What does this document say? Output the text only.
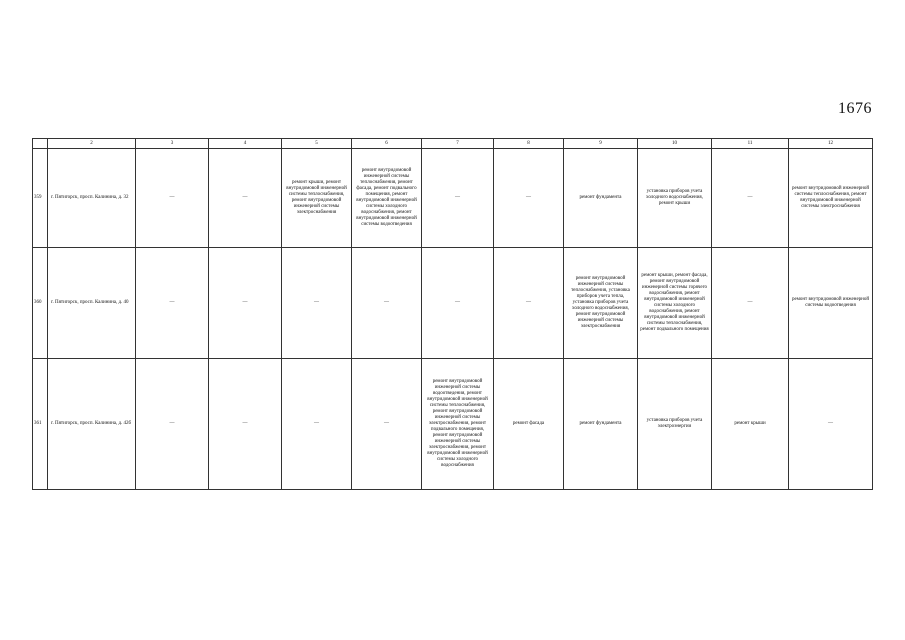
1676
	2	3	4	5	6	7	8	9	10	11	12
359	г. Пятигорск, просп. Калинина, д. 32	—	—	ремонт крыши, ремонт внутридомовой инженерной системы теплоснабжения, ремонт внутридомовой инженерной системы электроснабжения	ремонт внутридомовой инженерной системы теплоснабжения, ремонт фасада, ремонт подвального помещения, ремонт внутридомовой инженерной системы холодного водоснабжения, ремонт внутридомовой инженерной системы водоотведения	—	—	ремонт фундамента	установка приборов учета холодного водоснабжения, ремонт крыши	—	ремонт внутридомовой инженерной системы теплоснабжения, ремонт внутридомовой инженерной системы электроснабжения
360	г. Пятигорск, просп. Калинина, д. 40	—	—	—	—	—	—	ремонт внутридомовой инженерной системы теплоснабжения, установка приборов учета тепла, установка приборов учета холодного водоснабжения, ремонт внутридомовой инженерной системы электроснабжения	ремонт крыши, ремонт фасада, ремонт внутридомовой инженерной системы горячего водоснабжения, ремонт внутридомовой инженерной системы холодного водоснабжения, ремонт внутридомовой инженерной системы теплоснабжения, ремонт подвального помещения	—	ремонт внутридомовой инженерной системы водоотведения
361	г. Пятигорск, просп. Калинина, д. 42б	—	—	—	—	ремонт внутридомовой инженерной системы водоотведения, ремонт внутридомовой инженерной системы теплоснабжения, ремонт внутридомовой инженерной системы электроснабжения, ремонт подвального помещения, ремонт внутридомовой инженерной системы электроснабжения, ремонт внутридомовой инженерной системы холодного водоснабжения	ремонт фасада	ремонт фундамента	установка приборов учета электроэнергии	ремонт крыши	—
